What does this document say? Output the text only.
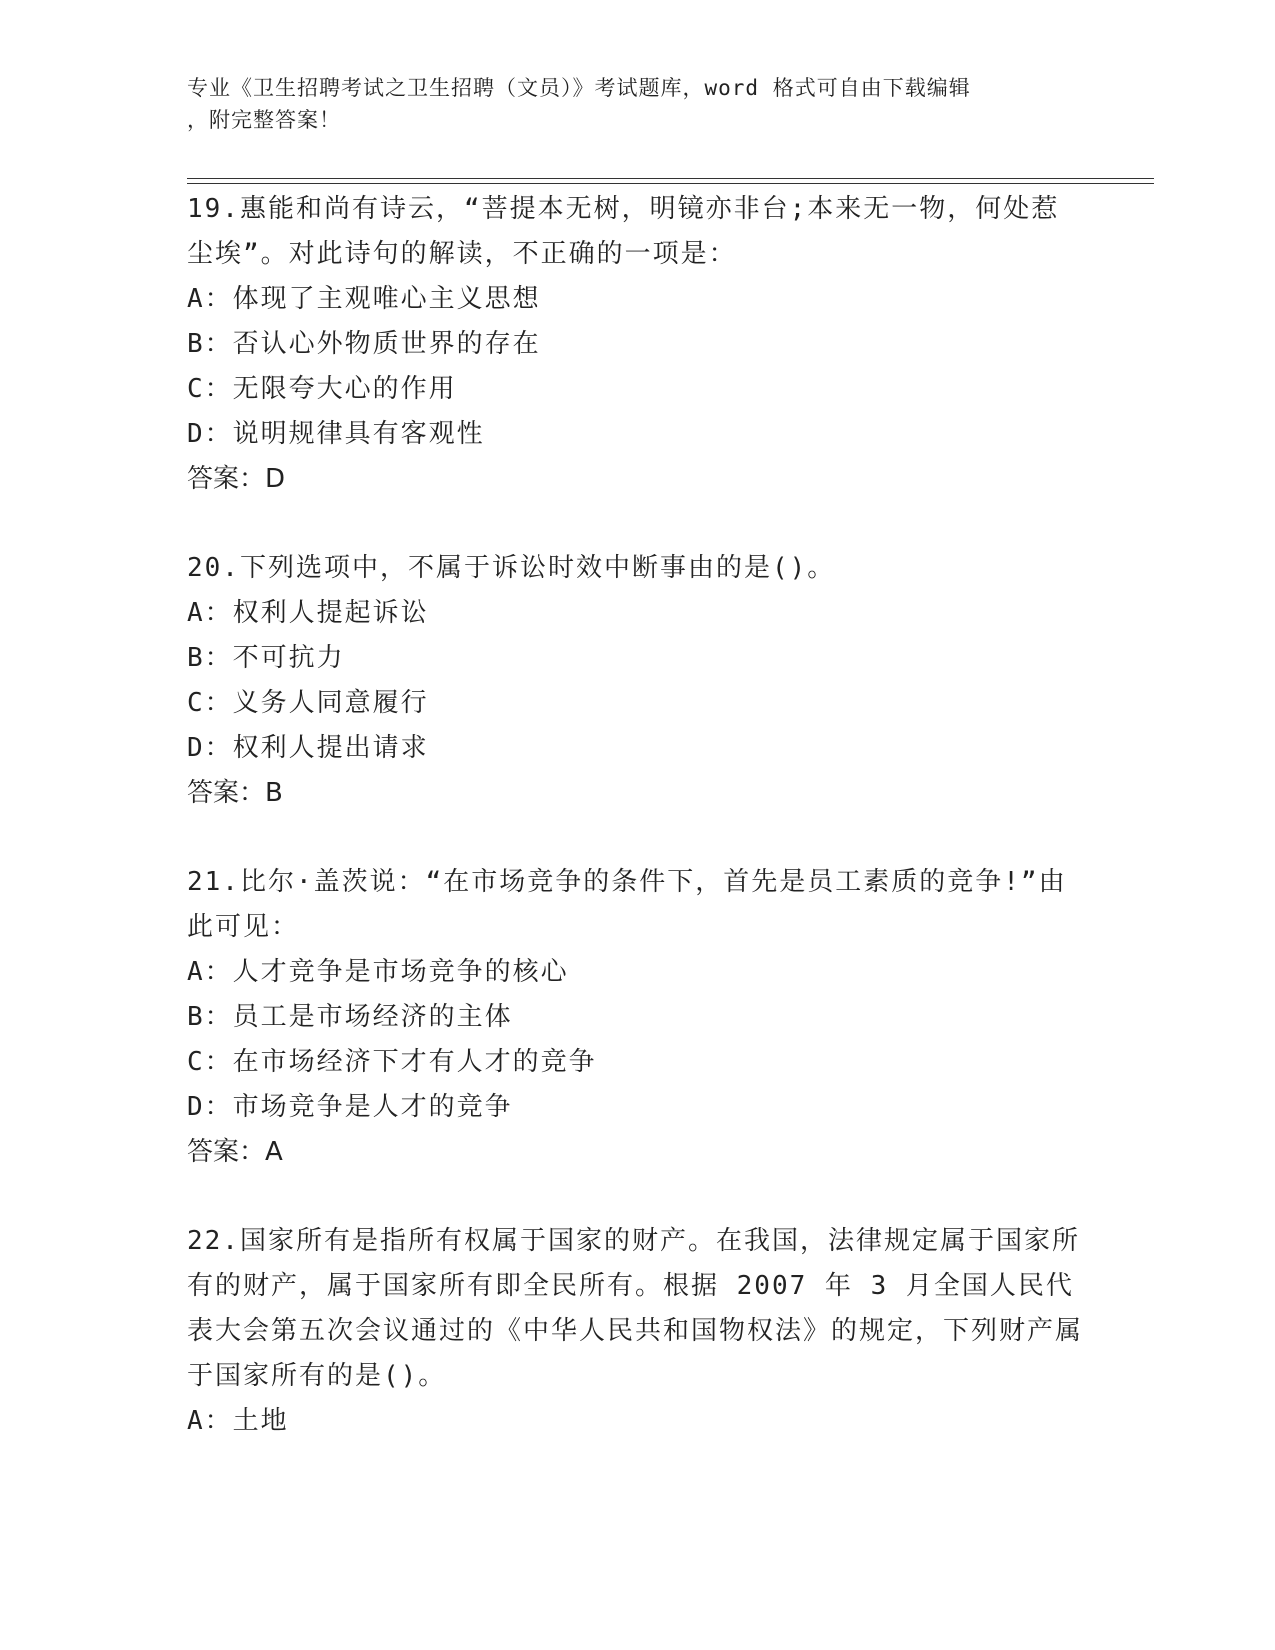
专业《卫生招聘考试之卫生招聘（文员）》考试题库，word 格式可自由下载编辑
，附完整答案！

19.惠能和尚有诗云，“菩提本无树，明镜亦非台;本来无一物，何处惹尘埃”。对此诗句的解读，不正确的一项是：

A：体现了主观唯心主义思想

B：否认心外物质世界的存在

C：无限夸大心的作用

D：说明规律具有客观性

答案：D

20.下列选项中，不属于诉讼时效中断事由的是()。

A：权利人提起诉讼

B：不可抗力

C：义务人同意履行

D：权利人提出请求

答案：B

21.比尔·盖茨说：“在市场竞争的条件下，首先是员工素质的竞争!”由此可见：

A：人才竞争是市场竞争的核心

B：员工是市场经济的主体

C：在市场经济下才有人才的竞争

D：市场竞争是人才的竞争

答案：A

22.国家所有是指所有权属于国家的财产。在我国，法律规定属于国家所有的财产，属于国家所有即全民所有。根据 2007 年 3 月全国人民代表大会第五次会议通过的《中华人民共和国物权法》的规定，下列财产属于国家所有的是()。

A：土地
